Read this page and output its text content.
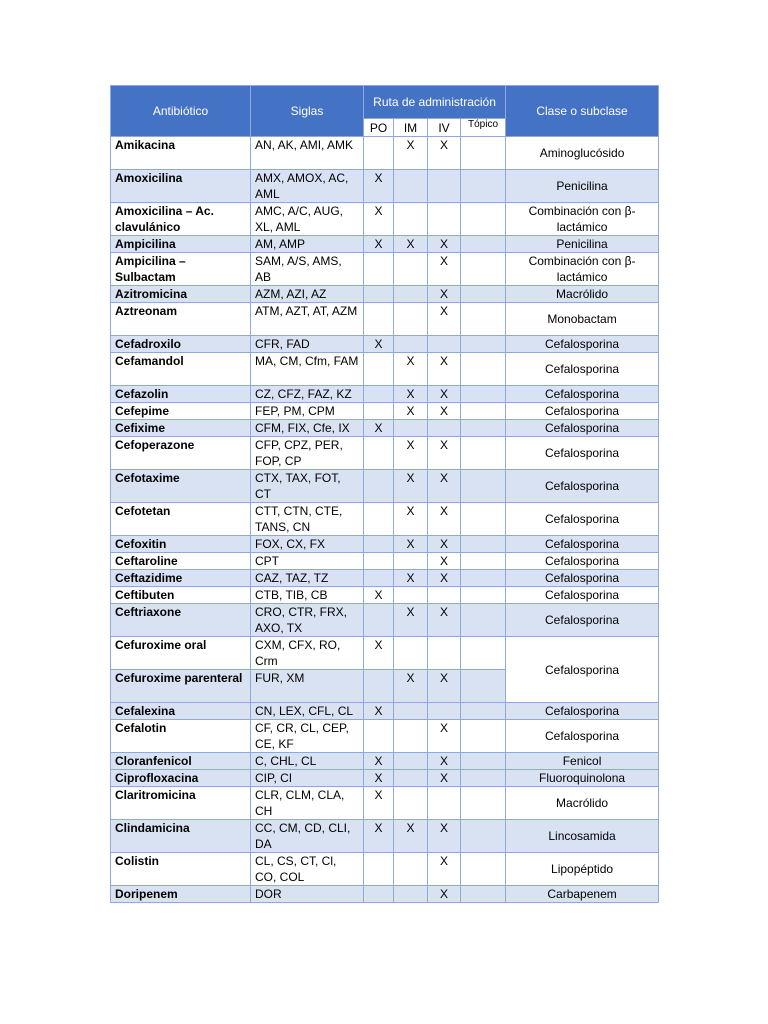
Antibiótico	Siglas	Ruta de administración				Clase o subclase
		PO	IM	IV	Tópico	
Amikacina	AN, AK, AMI, AMK		X	X		Aminoglucósido
Amoxicilina	AMX, AMOX, AC, AML	X				Penicilina
Amoxicilina – Ac. clavulánico	AMC, A/C, AUG, XL, AML	X				Combinación con β-lactámico
Ampicilina	AM, AMP	X	X	X		Penicilina
Ampicilina – Sulbactam	SAM, A/S, AMS, AB			X		Combinación con β-lactámico
Azitromicina	AZM, AZI, AZ			X		Macrólido
Aztreonam	ATM, AZT, AT, AZM			X		Monobactam
Cefadroxilo	CFR, FAD	X				Cefalosporina
Cefamandol	MA, CM, Cfm, FAM		X	X		Cefalosporina
Cefazolin	CZ, CFZ, FAZ, KZ		X	X		Cefalosporina
Cefepime	FEP, PM, CPM		X	X		Cefalosporina
Cefixime	CFM, FIX, Cfe, IX	X				Cefalosporina
Cefoperazone	CFP, CPZ, PER, FOP, CP		X	X		Cefalosporina
Cefotaxime	CTX, TAX, FOT, CT		X	X		Cefalosporina
Cefotetan	CTT, CTN, CTE, TANS, CN		X	X		Cefalosporina
Cefoxitin	FOX, CX, FX		X	X		Cefalosporina
Ceftaroline	CPT			X		Cefalosporina
Ceftazidime	CAZ, TAZ, TZ		X	X		Cefalosporina
Ceftibuten	CTB, TIB, CB	X				Cefalosporina
Ceftriaxone	CRO, CTR, FRX, AXO, TX		X	X		Cefalosporina
Cefuroxime oral	CXM, CFX, RO, Crm	X				Cefalosporina
Cefuroxime parenteral	FUR, XM		X	X		
Cefalexina	CN, LEX, CFL, CL	X				Cefalosporina
Cefalotin	CF, CR, CL, CEP, CE, KF			X		Cefalosporina
Cloranfenicol	C, CHL, CL	X		X		Fenicol
Ciprofloxacina	CIP, CI	X		X		Fluoroquinolona
Claritromicina	CLR, CLM, CLA, CH	X				Macrólido
Clindamicina	CC, CM, CD, CLI, DA	X	X	X		Lincosamida
Colistin	CL, CS, CT, Cl, CO, COL			X		Lipopéptido
Doripenem	DOR			X		Carbapenem
